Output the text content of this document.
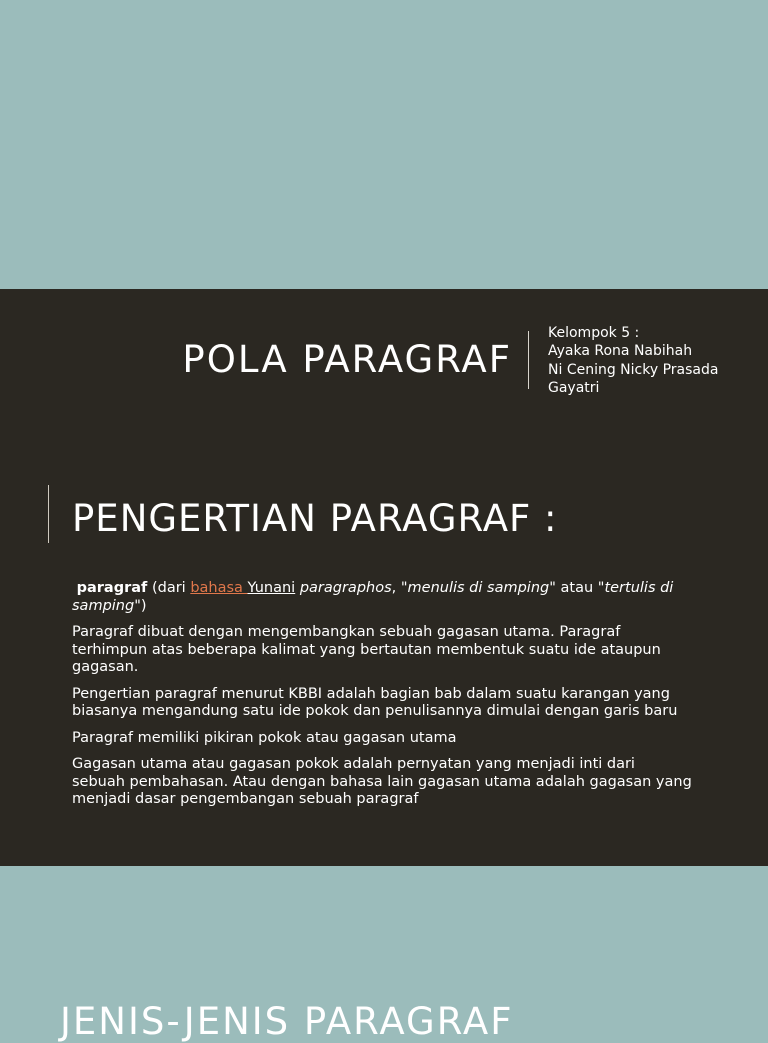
POLA PARAGRAF
Kelompok 5 :
Ayaka Rona Nabihah
Ni Cening Nicky Prasada
Gayatri
PENGERTIAN PARAGRAF :

paragraf (dari bahasa Yunani paragraphos, "menulis di samping" atau "tertulis di samping")

Paragraf dibuat dengan mengembangkan sebuah gagasan utama. Paragraf terhimpun atas beberapa kalimat yang bertautan membentuk suatu ide ataupun gagasan.

Pengertian paragraf menurut KBBI adalah bagian bab dalam suatu karangan yang biasanya mengandung satu ide pokok dan penulisannya dimulai dengan garis baru

Paragraf memiliki pikiran pokok atau gagasan utama

Gagasan utama atau gagasan pokok adalah pernyatan yang menjadi inti dari sebuah pembahasan. Atau dengan bahasa lain gagasan utama adalah gagasan yang menjadi dasar pengembangan sebuah paragraf

JENIS-JENIS PARAGRAF
